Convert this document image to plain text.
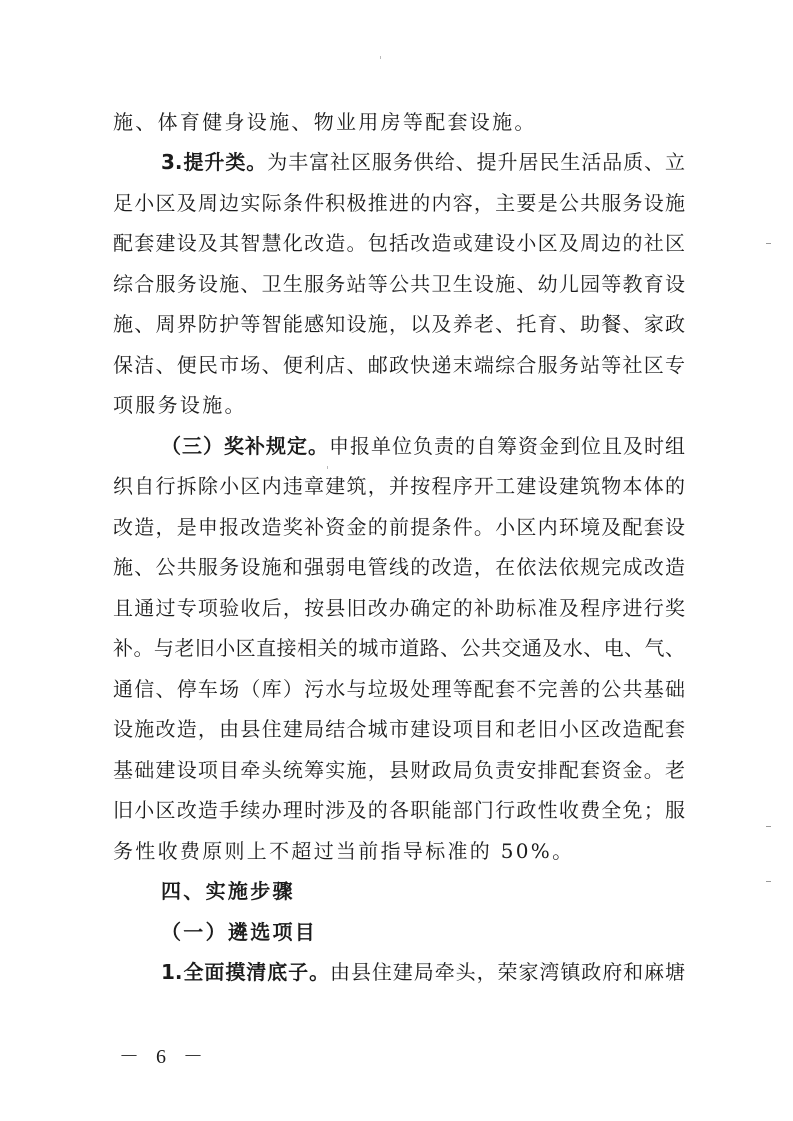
施、体育健身设施、物业用房等配套设施。
3.提升类。为丰富社区服务供给、提升居民生活品质、立
足小区及周边实际条件积极推进的内容，主要是公共服务设施
配套建设及其智慧化改造。包括改造或建设小区及周边的社区
综合服务设施、卫生服务站等公共卫生设施、幼儿园等教育设
施、周界防护等智能感知设施，以及养老、托育、助餐、家政
保洁、便民市场、便利店、邮政快递末端综合服务站等社区专
项服务设施。
（三）奖补规定。申报单位负责的自筹资金到位且及时组
织自行拆除小区内违章建筑，并按程序开工建设建筑物本体的
改造，是申报改造奖补资金的前提条件。小区内环境及配套设
施、公共服务设施和强弱电管线的改造，在依法依规完成改造
且通过专项验收后，按县旧改办确定的补助标准及程序进行奖
补。与老旧小区直接相关的城市道路、公共交通及水、电、气、
通信、停车场（库）污水与垃圾处理等配套不完善的公共基础
设施改造，由县住建局结合城市建设项目和老旧小区改造配套
基础建设项目牵头统筹实施，县财政局负责安排配套资金。老
旧小区改造手续办理时涉及的各职能部门行政性收费全免；服
务性收费原则上不超过当前指导标准的 50%。
四、实施步骤
（一）遴选项目
1.全面摸清底子。由县住建局牵头，荣家湾镇政府和麻塘
－ 6 －
